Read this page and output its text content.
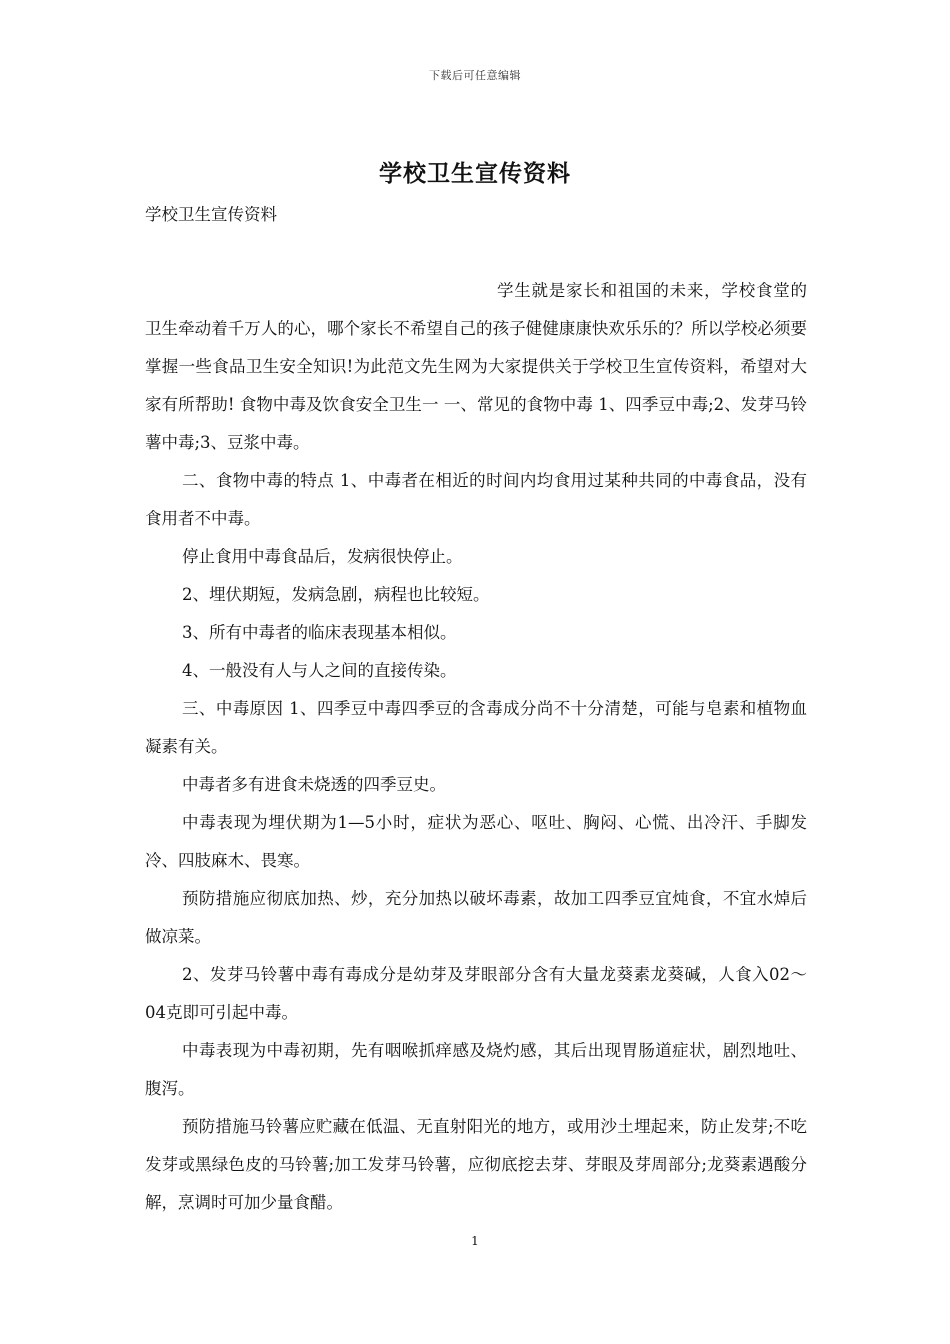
下载后可任意编辑
学校卫生宣传资料
学校卫生宣传资料

学生就是家长和祖国的未来，学校食堂的卫生牵动着千万人的心，哪个家长不希望自己的孩子健健康康快欢乐乐的？所以学校必须要掌握一些食品卫生安全知识!为此范文先生网为大家提供关于学校卫生宣传资料，希望对大家有所帮助! 食物中毒及饮食安全卫生一 一、常见的食物中毒 1、四季豆中毒;2、发芽马铃薯中毒;3、豆浆中毒。

二、食物中毒的特点 1、中毒者在相近的时间内均食用过某种共同的中毒食品，没有食用者不中毒。

停止食用中毒食品后，发病很快停止。

2、埋伏期短，发病急剧，病程也比较短。

3、所有中毒者的临床表现基本相似。

4、一般没有人与人之间的直接传染。

三、中毒原因 1、四季豆中毒四季豆的含毒成分尚不十分清楚，可能与皂素和植物血凝素有关。

中毒者多有进食未烧透的四季豆史。

中毒表现为埋伏期为1—5小时，症状为恶心、呕吐、胸闷、心慌、出冷汗、手脚发冷、四肢麻木、畏寒。

预防措施应彻底加热、炒，充分加热以破坏毒素，故加工四季豆宜炖食，不宜水焯后做凉菜。

2、发芽马铃薯中毒有毒成分是幼芽及芽眼部分含有大量龙葵素龙葵碱，人食入02～04克即可引起中毒。

中毒表现为中毒初期，先有咽喉抓痒感及烧灼感，其后出现胃肠道症状，剧烈地吐、腹泻。

预防措施马铃薯应贮藏在低温、无直射阳光的地方，或用沙土埋起来，防止发芽;不吃发芽或黑绿色皮的马铃薯;加工发芽马铃薯，应彻底挖去芽、芽眼及芽周部分;龙葵素遇酸分解，烹调时可加少量食醋。

1
